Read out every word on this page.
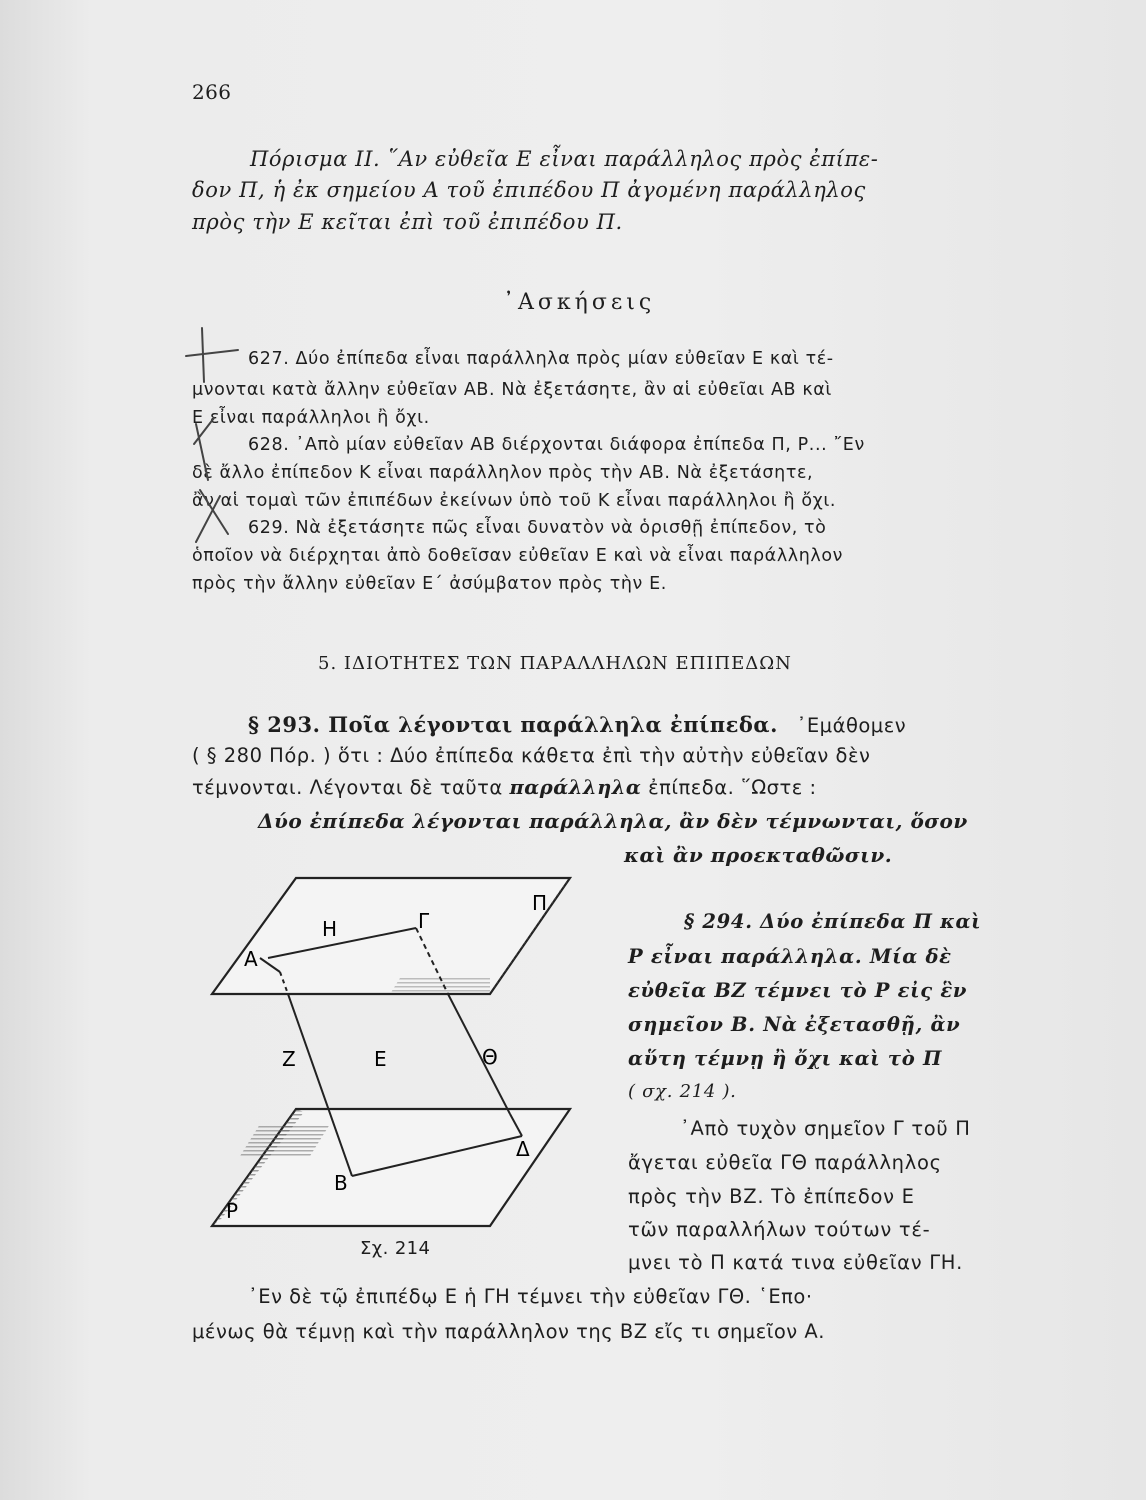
266
Πόρισμα II. ῞Αν εὐθεῖα Ε εἶναι παράλληλος πρὸς ἐπίπε-
δον Π, ἡ ἐκ σημείου Α τοῦ ἐπιπέδου Π ἀγομένη παράλληλος
πρὸς τὴν Ε κεῖται ἐπὶ τοῦ ἐπιπέδου Π.
᾿Ασκήσεις
627. Δύο ἐπίπεδα εἶναι παράλληλα πρὸς μίαν εὐθεῖαν Ε καὶ τέ-
μνονται κατὰ ἄλλην εὐθεῖαν ΑΒ. Νὰ ἐξετάσητε, ἂν αἱ εὐθεῖαι ΑΒ καὶ
Ε εἶναι παράλληλοι ἢ ὄχι.
628. ᾿Απὸ μίαν εὐθεῖαν ΑΒ διέρχονται διάφορα ἐπίπεδα Π, Ρ... ῎Εν
δὲ ἄλλο ἐπίπεδον Κ εἶναι παράλληλον πρὸς τὴν ΑΒ. Νὰ ἐξετάσητε,
ἂν αἱ τομαὶ τῶν ἐπιπέδων ἐκείνων ὑπὸ τοῦ Κ εἶναι παράλληλοι ἢ ὄχι.
629. Νὰ ἐξετάσητε πῶς εἶναι δυνατὸν νὰ ὁρισθῇ ἐπίπεδον, τὸ
ὁποῖον νὰ διέρχηται ἀπὸ δοθεῖσαν εὐθεῖαν Ε καὶ νὰ εἶναι παράλληλον
πρὸς τὴν ἄλλην εὐθεῖαν Ε΄ ἀσύμβατον πρὸς τὴν Ε.
5. ΙΔΙΟΤΗΤΕΣ ΤΩΝ ΠΑΡΑΛΛΗΛΩΝ ΕΠΙΠΕΔΩΝ
§ 293. Ποῖα λέγονται παράλληλα ἐπίπεδα. ᾿Εμάθομεν
( § 280 Πόρ. ) ὅτι : Δύο ἐπίπεδα κάθετα ἐπὶ τὴν αὐτὴν εὐθεῖαν δὲν
τέμνονται. Λέγονται δὲ ταῦτα παράλληλα ἐπίπεδα. ῞Ωστε :
Δύο ἐπίπεδα λέγονται παράλληλα, ἂν δὲν τέμνωνται, ὅσον
καὶ ἂν προεκταθῶσιν.
Π
Η	Γ
Α
Ζ	Ε	Θ
Δ
Β
Ρ
Σχ. 214
§ 294. Δύο ἐπίπεδα Π καὶ
Ρ εἶναι παράλληλα. Μία δὲ
εὐθεῖα ΒΖ τέμνει τὸ Ρ εἰς ἓν
σημεῖον Β. Νὰ ἐξετασθῇ, ἂν
αὕτη τέμνῃ ἢ ὄχι καὶ τὸ Π
( σχ. 214 ).
᾿Απὸ τυχὸν σημεῖον Γ τοῦ Π
ἄγεται εὐθεῖα ΓΘ παράλληλος
πρὸς τὴν ΒΖ. Τὸ ἐπίπεδον Ε
τῶν παραλλήλων τούτων τέ-
μνει τὸ Π κατά τινα εὐθεῖαν ΓΗ.
᾿Εν δὲ τῷ ἐπιπέδῳ Ε ἡ ΓΗ τέμνει τὴν εὐθεῖαν ΓΘ. ῾Επο·
μένως θὰ τέμνῃ καὶ τὴν παράλληλον της ΒΖ εἴς τι σημεῖον Α.
